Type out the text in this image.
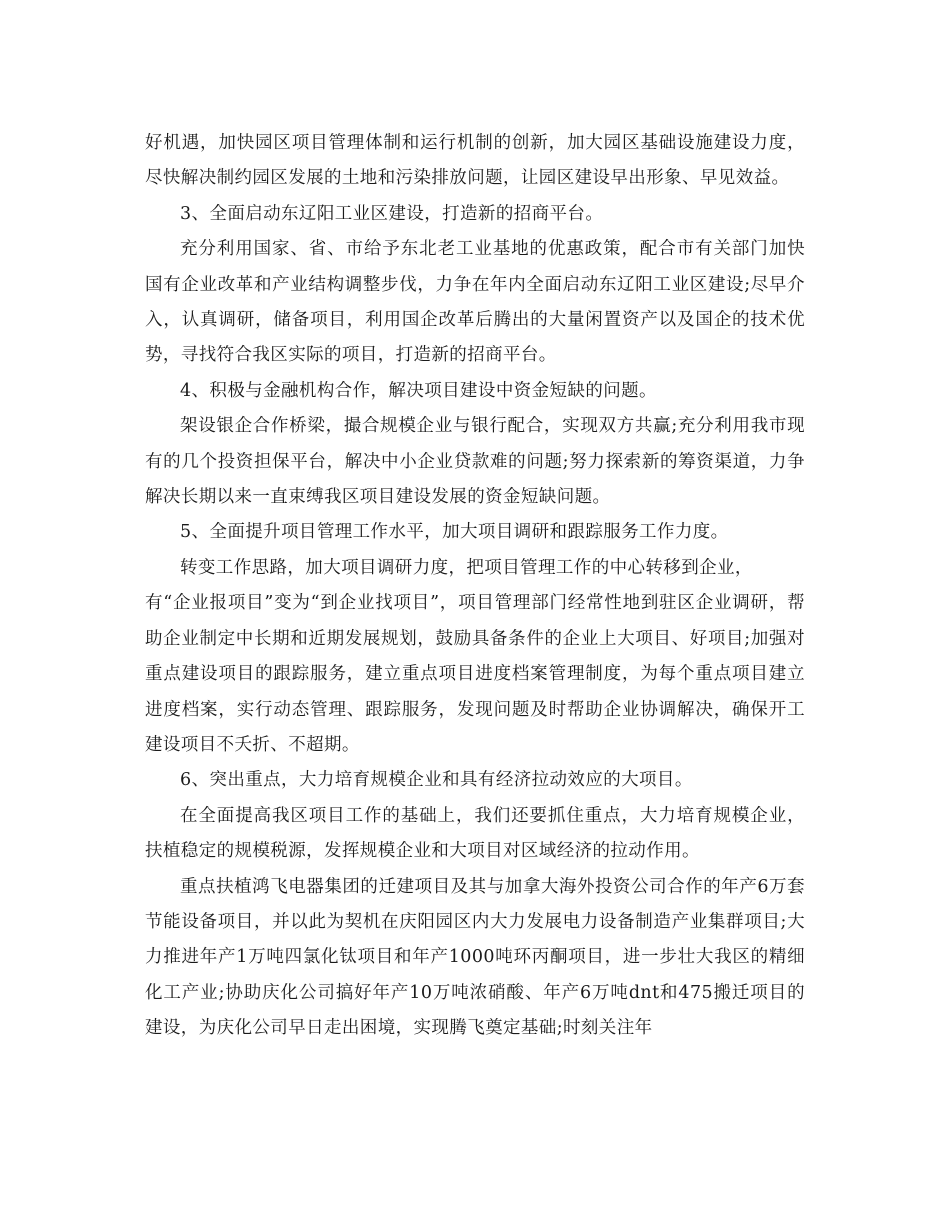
好机遇，加快园区项目管理体制和运行机制的创新，加大园区基础设施建设力度，尽快解决制约园区发展的土地和污染排放问题，让园区建设早出形象、早见效益。

3、全面启动东辽阳工业区建设，打造新的招商平台。

充分利用国家、省、市给予东北老工业基地的优惠政策，配合市有关部门加快国有企业改革和产业结构调整步伐，力争在年内全面启动东辽阳工业区建设;尽早介入，认真调研，储备项目，利用国企改革后腾出的大量闲置资产以及国企的技术优势，寻找符合我区实际的项目，打造新的招商平台。

4、积极与金融机构合作，解决项目建设中资金短缺的问题。

架设银企合作桥梁，撮合规模企业与银行配合，实现双方共赢;充分利用我市现有的几个投资担保平台，解决中小企业贷款难的问题;努力探索新的筹资渠道，力争解决长期以来一直束缚我区项目建设发展的资金短缺问题。

5、全面提升项目管理工作水平，加大项目调研和跟踪服务工作力度。

转变工作思路，加大项目调研力度，把项目管理工作的中心转移到企业，

有“企业报项目”变为“到企业找项目”，项目管理部门经常性地到驻区企业调研，帮助企业制定中长期和近期发展规划，鼓励具备条件的企业上大项目、好项目;加强对重点建设项目的跟踪服务，建立重点项目进度档案管理制度，为每个重点项目建立进度档案，实行动态管理、跟踪服务，发现问题及时帮助企业协调解决，确保开工建设项目不夭折、不超期。

6、突出重点，大力培育规模企业和具有经济拉动效应的大项目。

在全面提高我区项目工作的基础上，我们还要抓住重点，大力培育规模企业，扶植稳定的规模税源，发挥规模企业和大项目对区域经济的拉动作用。

重点扶植鸿飞电器集团的迁建项目及其与加拿大海外投资公司合作的年产6万套节能设备项目，并以此为契机在庆阳园区内大力发展电力设备制造产业集群项目;大力推进年产1万吨四氯化钛项目和年产1000吨环丙酮项目，进一步壮大我区的精细化工产业;协助庆化公司搞好年产10万吨浓硝酸、年产6万吨dnt和475搬迁项目的建设，为庆化公司早日走出困境，实现腾飞奠定基础;时刻关注年
